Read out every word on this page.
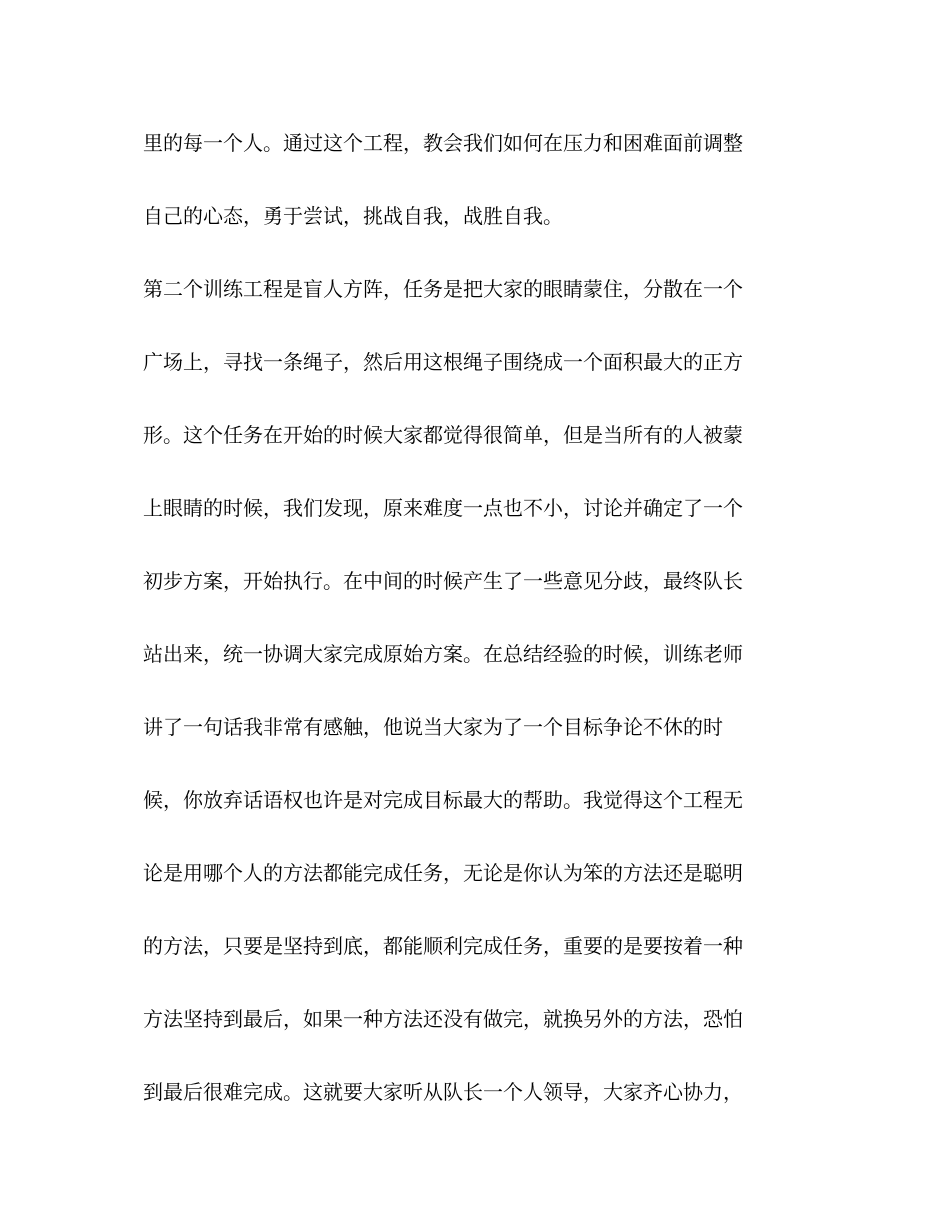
里的每一个人。通过这个工程，教会我们如何在压力和困难面前调整
自己的心态，勇于尝试，挑战自我，战胜自我。
第二个训练工程是盲人方阵，任务是把大家的眼睛蒙住，分散在一个
广场上，寻找一条绳子，然后用这根绳子围绕成一个面积最大的正方
形。这个任务在开始的时候大家都觉得很简单，但是当所有的人被蒙
上眼睛的时候，我们发现，原来难度一点也不小，讨论并确定了一个
初步方案，开始执行。在中间的时候产生了一些意见分歧，最终队长
站出来，统一协调大家完成原始方案。在总结经验的时候，训练老师
讲了一句话我非常有感触，他说当大家为了一个目标争论不休的时
候，你放弃话语权也许是对完成目标最大的帮助。我觉得这个工程无
论是用哪个人的方法都能完成任务，无论是你认为笨的方法还是聪明
的方法，只要是坚持到底，都能顺利完成任务，重要的是要按着一种
方法坚持到最后，如果一种方法还没有做完，就换另外的方法，恐怕
到最后很难完成。这就要大家听从队长一个人领导，大家齐心协力，
